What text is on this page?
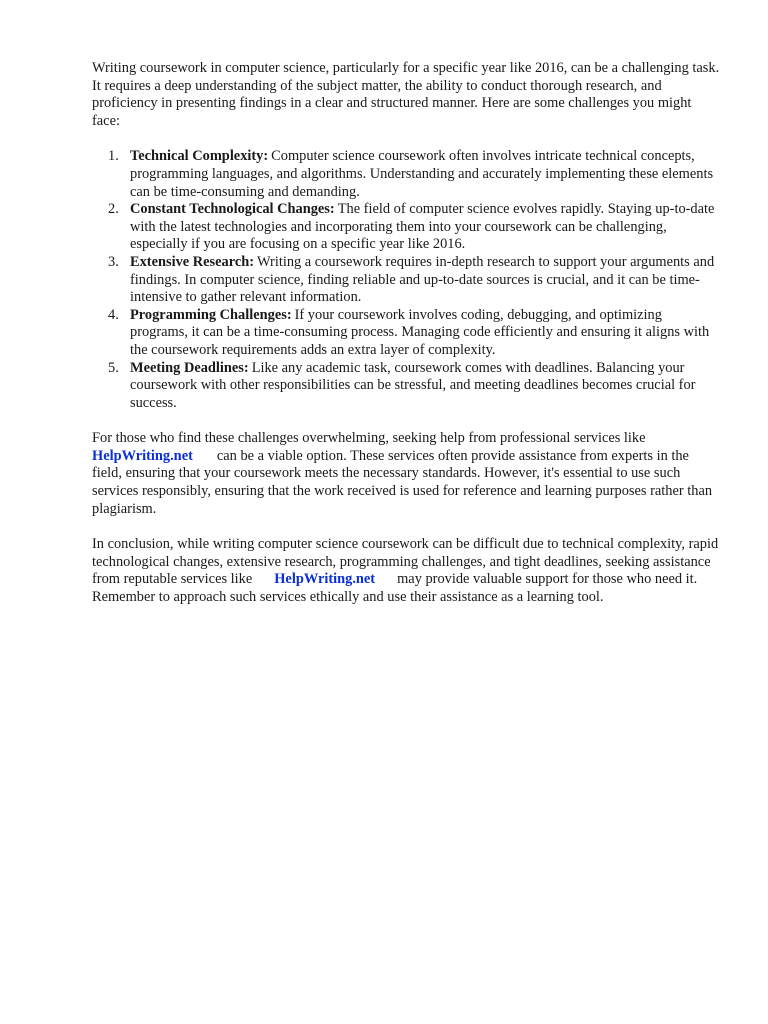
Writing coursework in computer science, particularly for a specific year like 2016, can be a challenging task. It requires a deep understanding of the subject matter, the ability to conduct thorough research, and proficiency in presenting findings in a clear and structured manner. Here are some challenges you might face:

1. Technical Complexity: Computer science coursework often involves intricate technical concepts, programming languages, and algorithms. Understanding and accurately implementing these elements can be time-consuming and demanding.
2. Constant Technological Changes: The field of computer science evolves rapidly. Staying up-to-date with the latest technologies and incorporating them into your coursework can be challenging, especially if you are focusing on a specific year like 2016.
3. Extensive Research: Writing a coursework requires in-depth research to support your arguments and findings. In computer science, finding reliable and up-to-date sources is crucial, and it can be time-intensive to gather relevant information.
4. Programming Challenges: If your coursework involves coding, debugging, and optimizing programs, it can be a time-consuming process. Managing code efficiently and ensuring it aligns with the coursework requirements adds an extra layer of complexity.
5. Meeting Deadlines: Like any academic task, coursework comes with deadlines. Balancing your coursework with other responsibilities can be stressful, and meeting deadlines becomes crucial for success.

For those who find these challenges overwhelming, seeking help from professional services like
HelpWriting.net can be a viable option. These services often provide assistance from experts in the field, ensuring that your coursework meets the necessary standards. However, it's essential to use such services responsibly, ensuring that the work received is used for reference and learning purposes rather than plagiarism.

In conclusion, while writing computer science coursework can be difficult due to technical complexity, rapid technological changes, extensive research, programming challenges, and tight deadlines, seeking assistance from reputable services like HelpWriting.net may provide valuable support for those who need it. Remember to approach such services ethically and use their assistance as a learning tool.
